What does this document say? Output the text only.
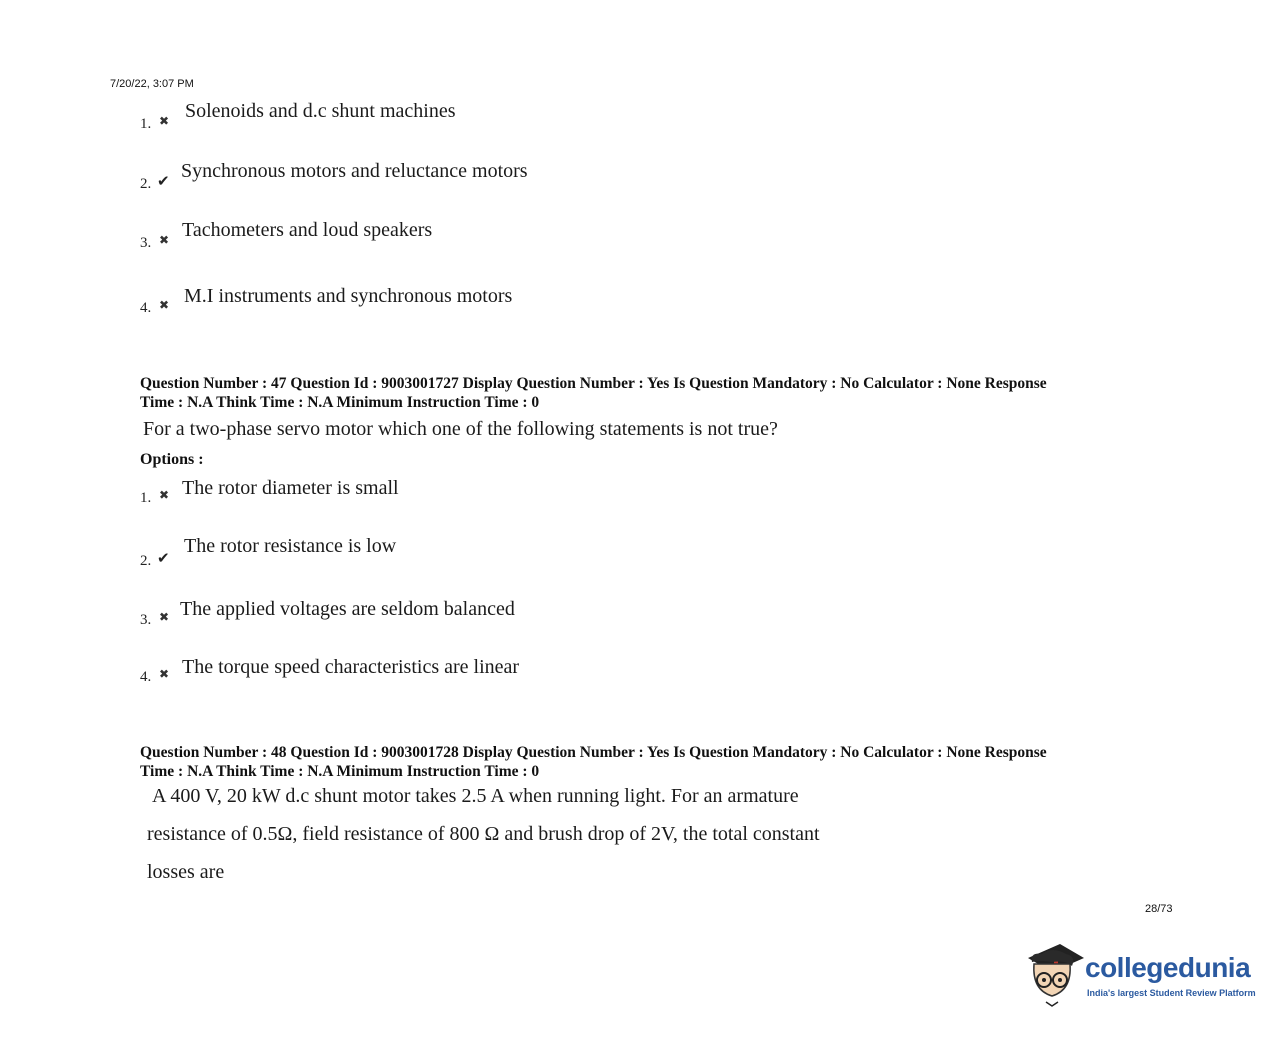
7/20/22, 3:07 PM
1. ✖ Solenoids and d.c shunt machines
2. ✔ Synchronous motors and reluctance motors
3. ✖ Tachometers and loud speakers
4. ✖ M.I instruments and synchronous motors
Question Number : 47 Question Id : 9003001727 Display Question Number : Yes Is Question Mandatory : No Calculator : None Response
Time : N.A Think Time : N.A Minimum Instruction Time : 0
For a two-phase servo motor which one of the following statements is not true?
Options :
1. ✖ The rotor diameter is small
2. ✔
The rotor resistance is low
3. ✖ The applied voltages are seldom balanced
4. ✖ The torque speed characteristics are linear
Question Number : 48 Question Id : 9003001728 Display Question Number : Yes Is Question Mandatory : No Calculator : None Response
Time : N.A Think Time : N.A Minimum Instruction Time : 0
A 400 V, 20 kW d.c shunt motor takes 2.5 A when running light. For an armature
resistance of 0.5Ω, field resistance of 800 Ω and brush drop of 2V, the total constant
losses are
28/73
collegedunia
India's largest Student Review Platform
